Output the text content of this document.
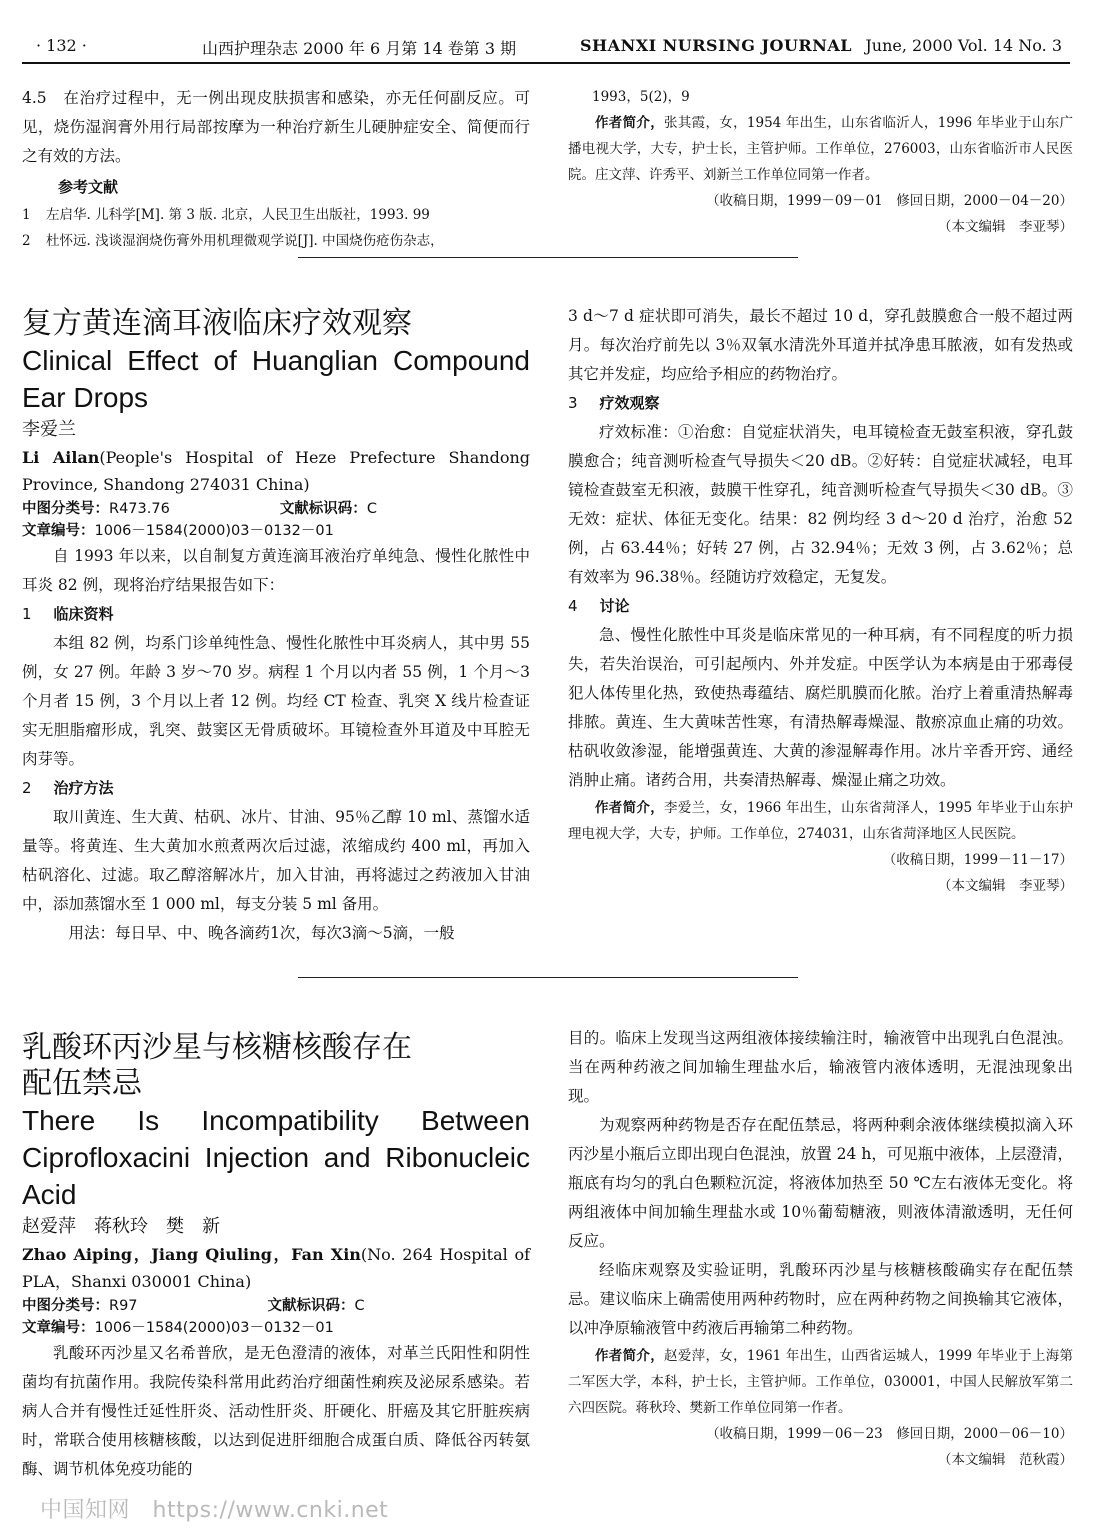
· 132 ·	山西护理杂志 2000 年 6 月第 14 卷第 3 期	SHANXI NURSING JOURNAL June, 2000 Vol. 14 No. 3

4.5　在治疗过程中，无一例出现皮肤损害和感染，亦无任何副反应。可见，烧伤湿润膏外用行局部按摩为一种治疗新生儿硬肿症安全、简便而行之有效的方法。

参考文献

1 左启华. 儿科学[M]. 第 3 版. 北京，人民卫生出版社，1993. 99
2 杜怀远. 浅谈湿润烧伤膏外用机理微观学说[J]. 中国烧伤疮伤杂志，

1993，5(2)，9

作者简介，张其霞，女，1954 年出生，山东省临沂人，1996 年毕业于山东广播电视大学，大专，护士长，主管护师。工作单位，276003，山东省临沂市人民医院。庄文萍、许秀平、刘新兰工作单位同第一作者。

（收稿日期，1999－09－01　修回日期，2000－04－20）

（本文编辑　李亚琴）

复方黄连滴耳液临床疗效观察

Clinical Effect of Huanglian Compound Ear Drops

李爱兰

Li Ailan(People's Hospital of Heze Prefecture Shandong Province, Shandong 274031 China)

中图分类号：R473.76	文献标识码：C

文章编号：1006－1584(2000)03－0132－01

自 1993 年以来，以自制复方黄连滴耳液治疗单纯急、慢性化脓性中耳炎 82 例，现将治疗结果报告如下：

1 临床资料

本组 82 例，均系门诊单纯性急、慢性化脓性中耳炎病人，其中男 55 例，女 27 例。年龄 3 岁～70 岁。病程 1 个月以内者 55 例，1 个月～3 个月者 15 例，3 个月以上者 12 例。均经 CT 检查、乳突 X 线片检查证实无胆脂瘤形成，乳突、鼓窦区无骨质破坏。耳镜检查外耳道及中耳腔无肉芽等。

2 治疗方法

取川黄连、生大黄、枯矾、冰片、甘油、95％乙醇 10 ml、蒸馏水适量等。将黄连、生大黄加水煎煮两次后过滤，浓缩成约 400 ml，再加入枯矾溶化、过滤。取乙醇溶解冰片，加入甘油，再将滤过之药液加入甘油中，添加蒸馏水至 1 000 ml，每支分装 5 ml 备用。

用法：每日早、中、晚各滴药1次，每次3滴～5滴，一般

3 d～7 d 症状即可消失，最长不超过 10 d，穿孔鼓膜愈合一般不超过两月。每次治疗前先以 3％双氧水清洗外耳道并拭净患耳脓液，如有发热或其它并发症，均应给予相应的药物治疗。

3 疗效观察

疗效标准：①治愈：自觉症状消失，电耳镜检查无鼓室积液，穿孔鼓膜愈合；纯音测听检查气导损失＜20 dB。②好转：自觉症状减轻，电耳镜检查鼓室无积液，鼓膜干性穿孔，纯音测听检查气导损失＜30 dB。③无效：症状、体征无变化。结果：82 例均经 3 d～20 d 治疗，治愈 52 例，占 63.44％；好转 27 例，占 32.94％；无效 3 例，占 3.62％；总有效率为 96.38％。经随访疗效稳定，无复发。

4 讨论

急、慢性化脓性中耳炎是临床常见的一种耳病，有不同程度的听力损失，若失治误治，可引起颅内、外并发症。中医学认为本病是由于邪毒侵犯人体传里化热，致使热毒蕴结、腐烂肌膜而化脓。治疗上着重清热解毒排脓。黄连、生大黄味苦性寒，有清热解毒燥湿、散瘀凉血止痛的功效。枯矾收敛渗湿，能增强黄连、大黄的渗湿解毒作用。冰片辛香开窍、通经消肿止痛。诸药合用，共奏清热解毒、燥湿止痛之功效。

作者简介，李爱兰，女，1966 年出生，山东省菏泽人，1995 年毕业于山东护理电视大学，大专，护师。工作单位，274031，山东省菏泽地区人民医院。

（收稿日期，1999－11－17）

（本文编辑　李亚琴）

乳酸环丙沙星与核糖核酸存在

配伍禁忌

There Is Incompatibility Between

Ciprofloxacini Injection and Ribonucleic

Acid

赵爱萍　蒋秋玲　樊　新

Zhao Aiping，Jiang Qiuling，Fan Xin(No. 264 Hospital of PLA，Shanxi 030001 China)

中图分类号：R97	文献标识码：C

文章编号：1006－1584(2000)03－0132－01

乳酸环丙沙星又名希普欣，是无色澄清的液体，对革兰氏阳性和阴性菌均有抗菌作用。我院传染科常用此药治疗细菌性痢疾及泌尿系感染。若病人合并有慢性迁延性肝炎、活动性肝炎、肝硬化、肝癌及其它肝脏疾病时，常联合使用核糖核酸，以达到促进肝细胞合成蛋白质、降低谷丙转氨酶、调节机体免疫功能的

目的。临床上发现当这两组液体接续输注时，输液管中出现乳白色混浊。当在两种药液之间加输生理盐水后，输液管内液体透明，无混浊现象出现。

为观察两种药物是否存在配伍禁忌，将两种剩余液体继续模拟滴入环丙沙星小瓶后立即出现白色混浊，放置 24 h，可见瓶中液体，上层澄清，瓶底有均匀的乳白色颗粒沉淀，将液体加热至 50 ℃左右液体无变化。将两组液体中间加输生理盐水或 10％葡萄糖液，则液体清澈透明，无任何反应。

经临床观察及实验证明，乳酸环丙沙星与核糖核酸确实存在配伍禁忌。建议临床上确需使用两种药物时，应在两种药物之间换输其它液体，以冲净原输液管中药液后再输第二种药物。

作者简介，赵爱萍，女，1961 年出生，山西省运城人，1999 年毕业于上海第二军医大学，本科，护士长，主管护师。工作单位，030001，中国人民解放军第二六四医院。蒋秋玲、樊新工作单位同第一作者。

（收稿日期，1999－06－23　修回日期，2000－06－10）

（本文编辑　范秋霞）

中国知网　https://www.cnki.net
